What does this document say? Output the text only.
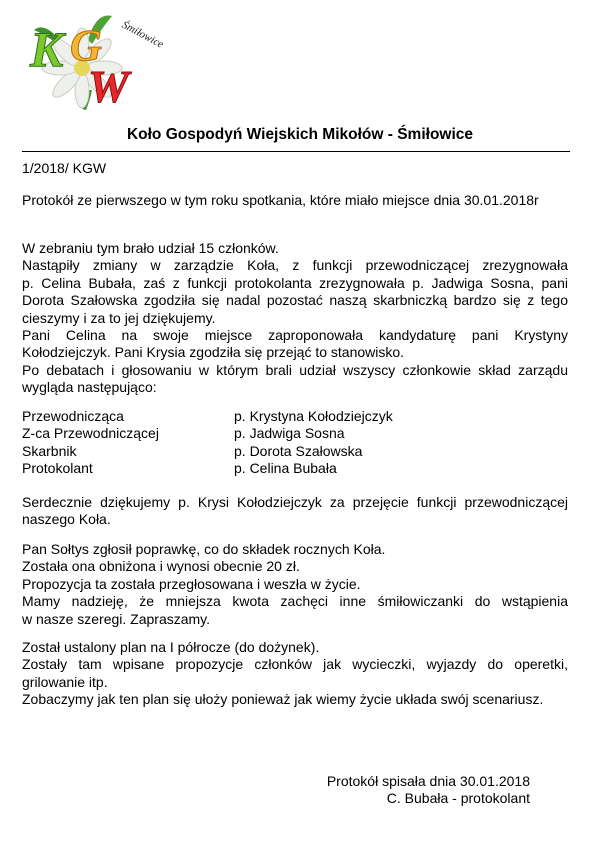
K G
W
Śmiłowice
Koło Gospodyń Wiejskich Mikołów - Śmiłowice
1/2018/ KGW
Protokół ze pierwszego w tym roku spotkania, które miało miejsce dnia 30.01.2018r
W zebraniu tym brało udział 15 członków.
Nastąpiły zmiany w zarządzie Koła, z funkcji przewodniczącej zrezygnowała
p. Celina Bubała, zaś z funkcji protokolanta zrezygnowała p. Jadwiga Sosna, pani
Dorota Szałowska zgodziła się nadal pozostać naszą skarbniczką bardzo się z tego
cieszymy i za to jej dziękujemy.
Pani Celina na swoje miejsce zaproponowała kandydaturę pani Krystyny
Kołodziejczyk. Pani Krysia zgodziła się przejąć to stanowisko.
Po debatach i głosowaniu w którym brali udział wszyscy członkowie skład zarządu
wygląda następująco:
Przewodnicząca	p. Krystyna Kołodziejczyk
Z-ca Przewodniczącej	p. Jadwiga Sosna
Skarbnik	p. Dorota Szałowska
Protokolant	p. Celina Bubała
Serdecznie dziękujemy p. Krysi Kołodziejczyk za przejęcie funkcji przewodniczącej
naszego Koła.
Pan Sołtys zgłosił poprawkę, co do składek rocznych Koła.
Została ona obniżona i wynosi obecnie 20 zł.
Propozycja ta została przegłosowana i weszła w życie.
Mamy nadzieję, że mniejsza kwota zachęci inne śmiłowiczanki do wstąpienia
w nasze szeregi. Zapraszamy.
Został ustalony plan na I półrocze (do dożynek).
Zostały tam wpisane propozycje członków jak wycieczki, wyjazdy do operetki,
grilowanie itp.
Zobaczymy jak ten plan się ułoży ponieważ jak wiemy życie układa swój scenariusz.
Protokół spisała dnia 30.01.2018
C. Bubała - protokolant
